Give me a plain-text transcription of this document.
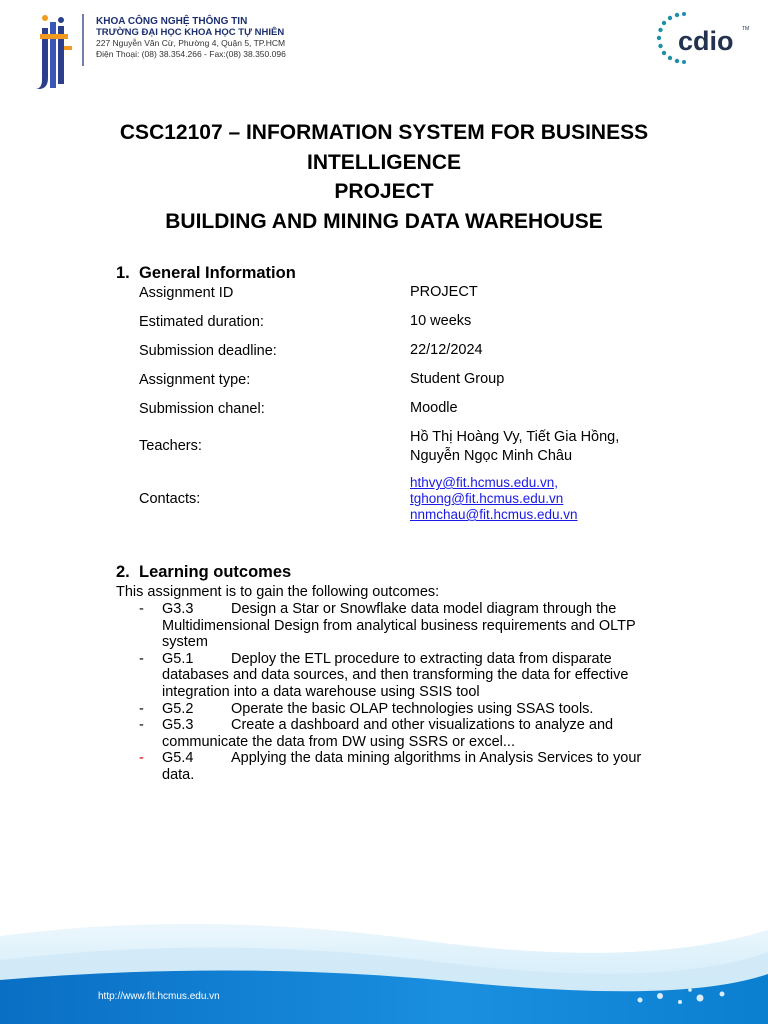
KHOA CÔNG NGHỆ THÔNG TIN
TRƯỜNG ĐẠI HỌC KHOA HỌC TỰ NHIÊN
227 Nguyễn Văn Cừ, Phường 4, Quận 5, TP.HCM
Điện Thoại: (08) 38.354.266 - Fax:(08) 38.350.096	cdio TM
CSC12107 – INFORMATION SYSTEM FOR BUSINESS
INTELLIGENCE
PROJECT
BUILDING AND MINING DATA WAREHOUSE
1. General Information
Assignment ID	PROJECT
Estimated duration:	10 weeks
Submission deadline:	22/12/2024
Assignment type:	Student Group
Submission chanel:	Moodle
Teachers:
Hồ Thị Hoàng Vy, Tiết Gia Hồng,
Nguyễn Ngọc Minh Châu
Contacts:
hthvy@fit.hcmus.edu.vn,
tghong@fit.hcmus.edu.vn
nnmchau@fit.hcmus.edu.vn
2. Learning outcomes
This assignment is to gain the following outcomes:
- G3.3	Design a Star or Snowflake data model diagram through the Multidimensional Design from analytical business requirements and OLTP system
- G5.1	Deploy the ETL procedure to extracting data from disparate databases and data sources, and then transforming the data for effective integration into a data warehouse using SSIS tool
- G5.2	Operate the basic OLAP technologies using SSAS tools.
- G5.3	Create a dashboard and other visualizations to analyze and communicate the data from DW using SSRS or excel...
- G5.4	Applying the data mining algorithms in Analysis Services to your data.
http://www.fit.hcmus.edu.vn
